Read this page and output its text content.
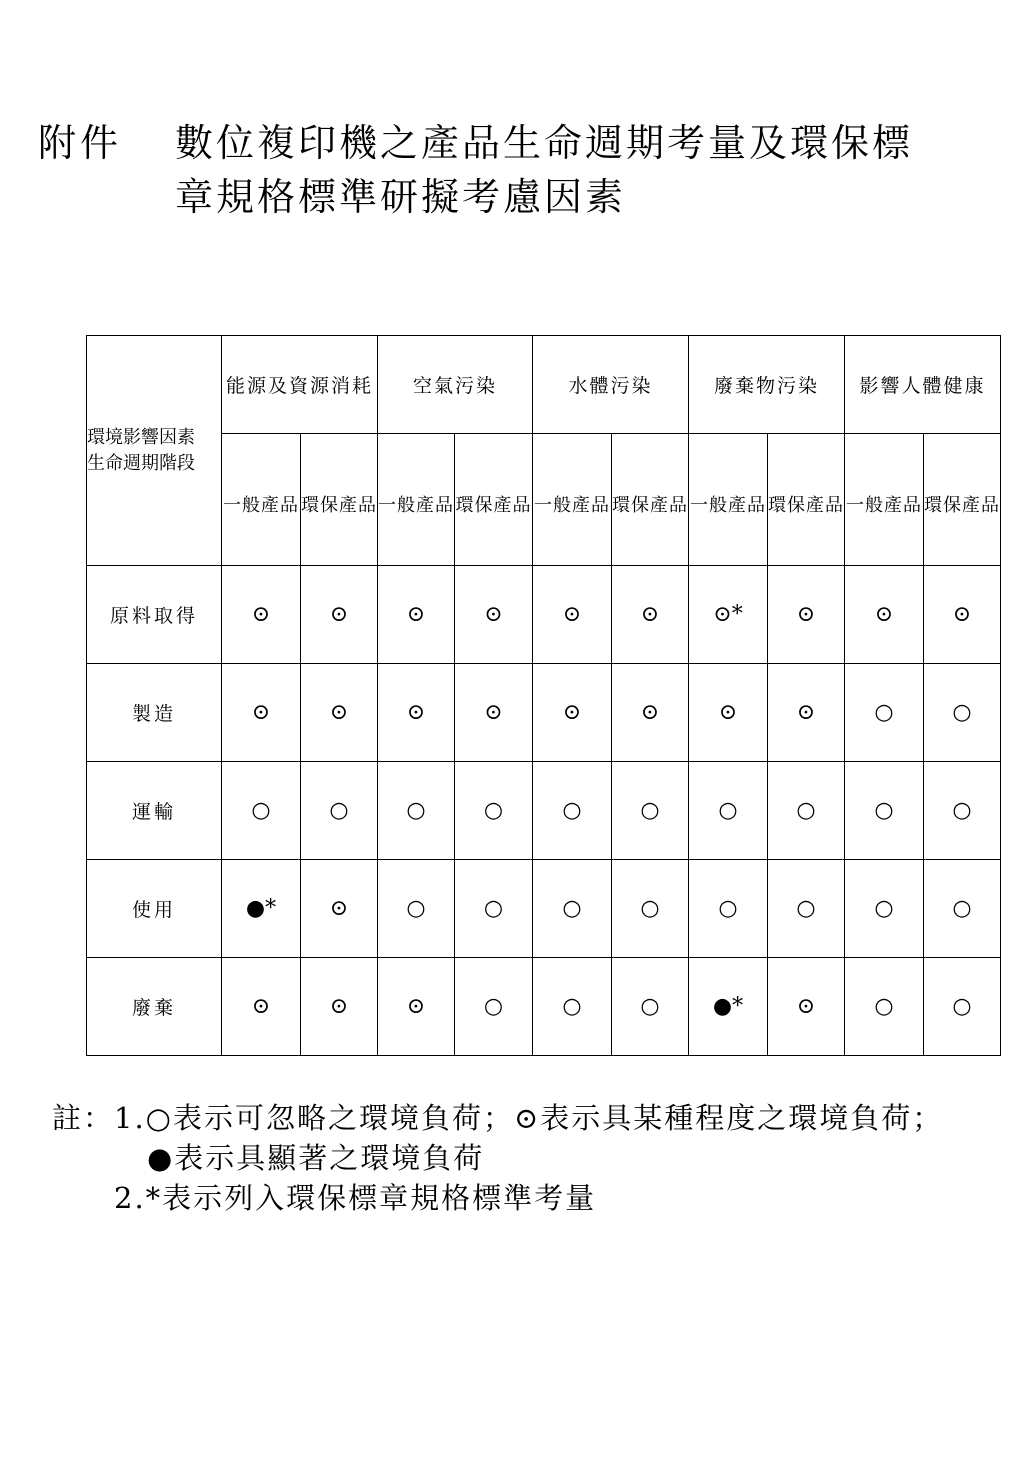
附件 數位複印機之產品生命週期考量及環保標
章規格標準研擬考慮因素
環境影響因素
生命週期階段	能源及資源消耗		空氣污染		水體污染		廢棄物污染		影響人體健康	
	一般產品	環保產品	一般產品	環保產品	一般產品	環保產品	一般產品	環保產品	一般產品	環保產品
原料取得	⊙	⊙	⊙	⊙	⊙	⊙	⊙*	⊙	⊙	⊙
製造	⊙	⊙	⊙	⊙	⊙	⊙	⊙	⊙	○	○
運輸	○	○	○	○	○	○	○	○	○	○
使用	●*	⊙	○	○	○	○	○	○	○	○
廢棄	⊙	⊙	⊙	○	○	○	●*	⊙	○	○
註：1.○表示可忽略之環境負荷；⊙表示具某種程度之環境負荷；
●表示具顯著之環境負荷
2.*表示列入環保標章規格標準考量
